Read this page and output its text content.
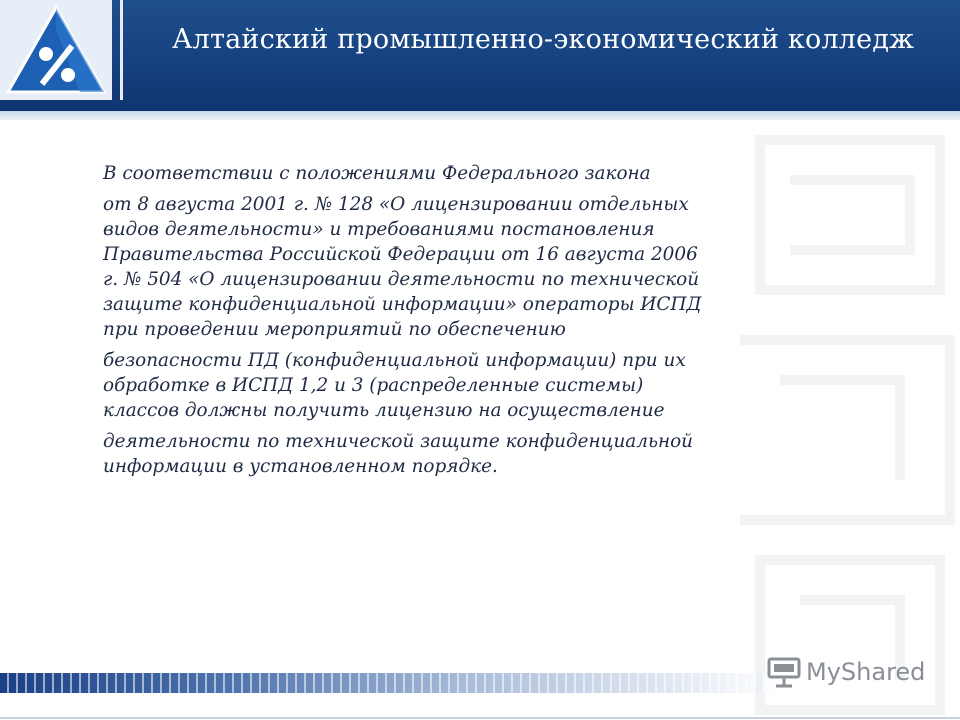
Алтайский промышленно-экономический колледж

В соответствии с положениями Федерального закона

от 8 августа 2001 г. № 128 «О лицензировании отдельных

видов деятельности» и требованиями постановления

Правительства Российской Федерации от 16 августа 2006

г. № 504 «О лицензировании деятельности по технической

защите конфиденциальной информации» операторы ИСПД

при проведении мероприятий по обеспечению

безопасности ПД (конфиденциальной информации) при их

обработке в ИСПД 1,2 и 3 (распределенные системы)

классов должны получить лицензию на осуществление

деятельности по технической защите конфиденциальной

информации в установленном порядке.

MyShared
